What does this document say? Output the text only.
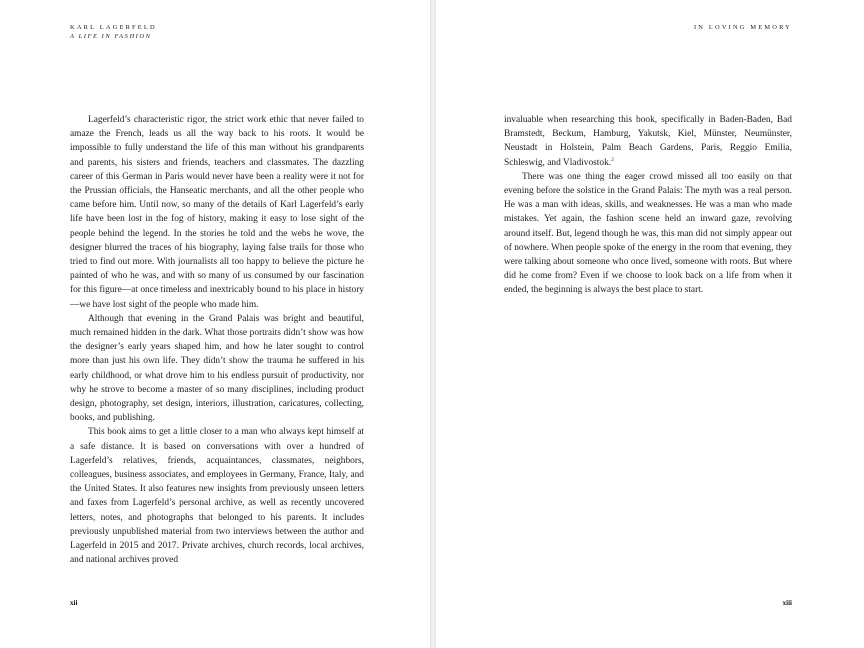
KARL LAGERFELD
A LIFE IN FASHION

Lagerfeld’s characteristic rigor, the strict work ethic that never failed to amaze the French, leads us all the way back to his roots. It would be impossible to fully understand the life of this man without his grandparents and parents, his sisters and friends, teachers and classmates. The dazzling career of this German in Paris would never have been a reality were it not for the Prussian officials, the Hanseatic merchants, and all the other people who came before him. Until now, so many of the details of Karl Lagerfeld’s early life have been lost in the fog of history, making it easy to lose sight of the people behind the legend. In the stories he told and the webs he wove, the designer blurred the traces of his biography, laying false trails for those who tried to find out more. With journalists all too happy to believe the picture he painted of who he was, and with so many of us consumed by our fascination for this figure—at once timeless and inextricably bound to his place in history—we have lost sight of the people who made him.

Although that evening in the Grand Palais was bright and beautiful, much remained hidden in the dark. What those portraits didn’t show was how the designer’s early years shaped him, and how he later sought to control more than just his own life. They didn’t show the trauma he suffered in his early childhood, or what drove him to his endless pursuit of productivity, nor why he strove to become a master of so many disciplines, including product design, photography, set design, interiors, illustration, caricatures, collecting, books, and publishing.

This book aims to get a little closer to a man who always kept himself at a safe distance. It is based on conversations with over a hundred of Lagerfeld’s relatives, friends, acquaintances, classmates, neighbors, colleagues, business associates, and employees in Germany, France, Italy, and the United States. It also features new insights from previously unseen letters and faxes from Lagerfeld’s personal archive, as well as recently uncovered letters, notes, and photographs that belonged to his parents. It includes previously unpublished material from two interviews between the author and Lagerfeld in 2015 and 2017. Private archives, church records, local archives, and national archives proved

xii
IN LOVING MEMORY

invaluable when researching this book, specifically in Baden-Baden, Bad Bramstedt, Beckum, Hamburg, Yakutsk, Kiel, Münster, Neumünster, Neustadt in Holstein, Palm Beach Gardens, Paris, Reggio Emilia, Schleswig, and Vladivostok.$^2$

There was one thing the eager crowd missed all too easily on that evening before the solstice in the Grand Palais: The myth was a real person. He was a man with ideas, skills, and weaknesses. He was a man who made mistakes. Yet again, the fashion scene held an inward gaze, revolving around itself. But, legend though he was, this man did not simply appear out of nowhere. When people spoke of the energy in the room that evening, they were talking about someone who once lived, someone with roots. But where did he come from? Even if we choose to look back on a life from when it ended, the beginning is always the best place to start.

xiii
